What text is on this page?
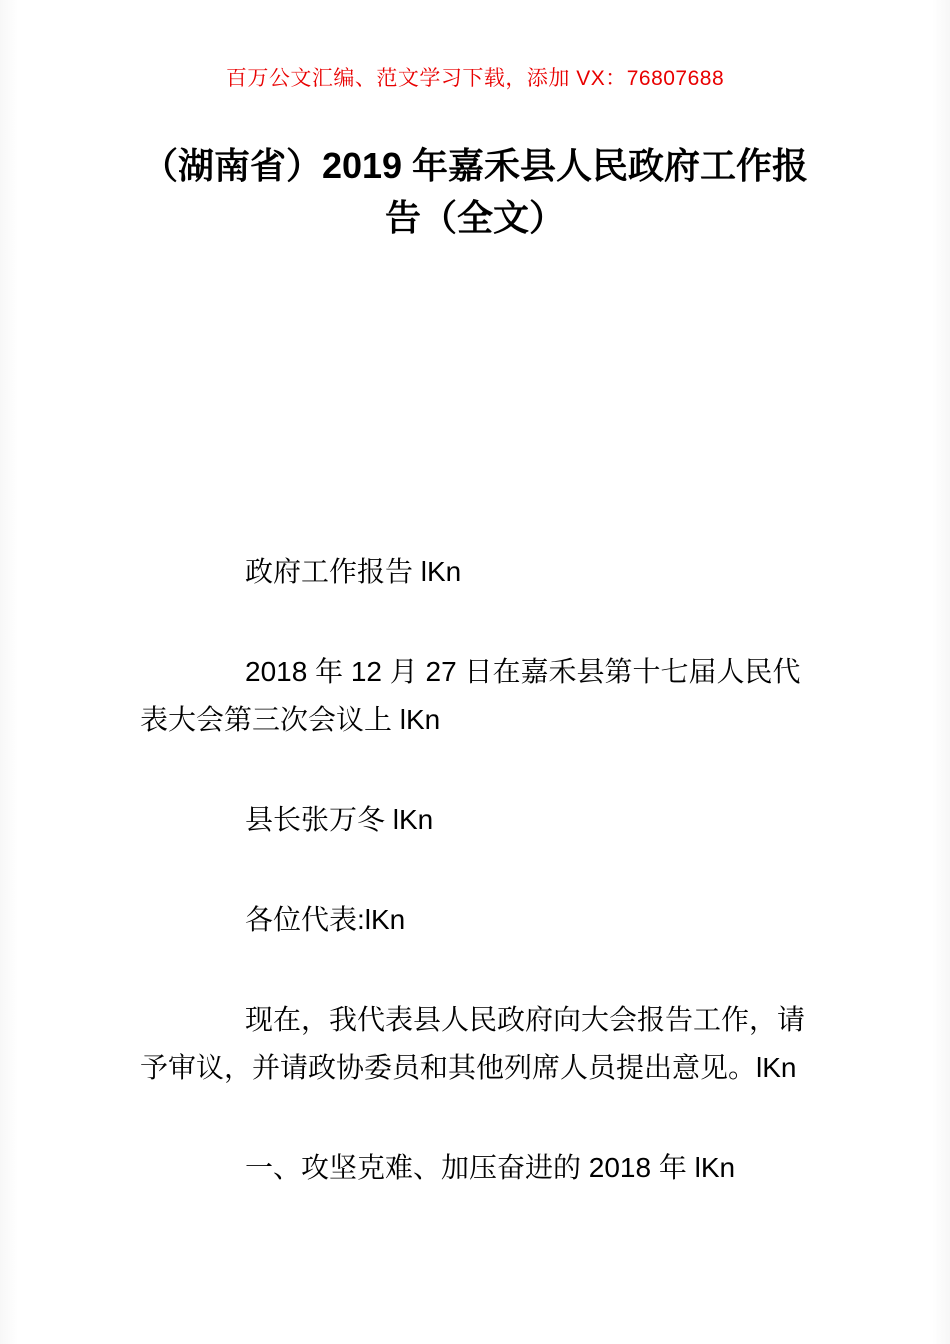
百万公文汇编、范文学习下载，添加 VX：76807688
（湖南省）2019 年嘉禾县人民政府工作报告（全文）

政府工作报告 lKn

2018 年 12 月 27 日在嘉禾县第十七届人民代表大会第三次会议上 lKn

县长张万冬 lKn

各位代表:lKn

现在，我代表县人民政府向大会报告工作，请予审议，并请政协委员和其他列席人员提出意见。lKn

一、攻坚克难、加压奋进的 2018 年 lKn
